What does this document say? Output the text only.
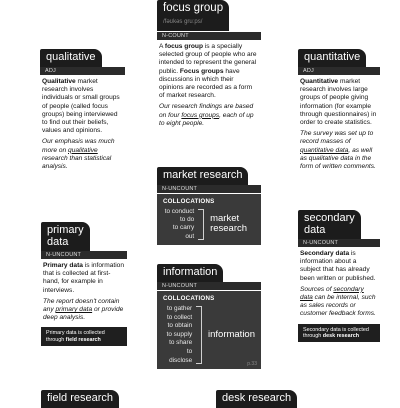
focus group
/fəʊkəs ɡruːps/
N-COUNT

A focus group is a specially selected group of people who are intended to represent the general public. Focus groups have discussions in which their opinions are recorded as a form of market research.

Our research findings are based on four focus groups, each of up to eight people.

qualitative
ADJ

Qualitative market research involves individuals or small groups of people (called focus groups) being interviewed to find out their beliefs, values and opinions.

Our emphasis was much more on qualitative research than statistical analysis.

quantitative
ADJ

Quantitative market research involves large groups of people giving information (for example through questionnaires) in order to create statistics.

The survey was set up to record masses of quantitative data, as well as qualitative data in the form of written comments.

market research
N-UNCOUNT
COLLOCATIONS
to conduct
to do
to carry out
market research
primary
data
N-UNCOUNT

Primary data is information that is collected at first-hand, for example in interviews.

The report doesn't contain any primary data or provide deep analysis.

Primary data is collected through field research
secondary
data
N-UNCOUNT

Secondary data is information about a subject that has already been written or published.

Sources of secondary data can be internal, such as sales records or customer feedback forms.

Secondary data is collected through desk research
information
N-UNCOUNT
COLLOCATIONS
to gather
to collect
to obtain
to supply
to share
to disclose
information
p.33
field research	desk research
